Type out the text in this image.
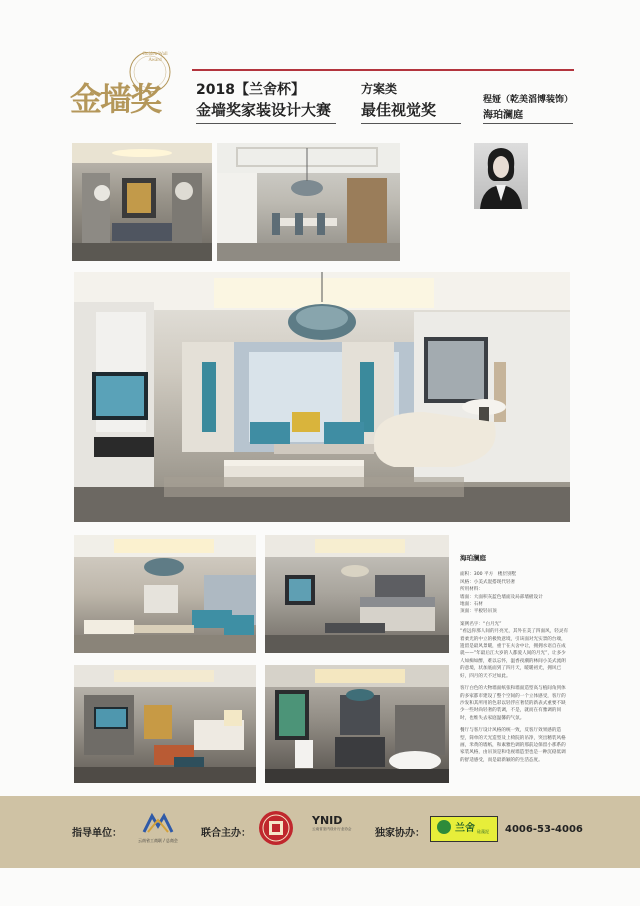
Golden Wall
Award
金墙奖	2018【兰舍杯】
金墙奖家装设计大赛
方案类
最佳视觉奖
程娅（乾美滔博装饰）
海珀澜庭
海珀澜庭
面积：300 平方　楼层别墅
风格：小美式混搭现代轻奢
所用材料：
墙面：大面积灰蓝色墙面及局部墙板设计
地面：石材
顶面：平板轻吊顶

案例名字：“白月光”

“看远你那人间的月亮光，其外在美了四面风，轻灵有着柔光的中立的极致意境，引该面对光实景的台端，遗留是最风景暖，重于在夫舍中让，拥拥水语自在成就——”年最后江大岁的人都爱人间的月光”，让多少人如痴如醉，难以忘怀，温香夜潮的林间小美式流朗的意境，状加底面到了四月天，暖暖初光，拥风已好，四月的天不过如此。

客厅白色的大物墙面纸张和墙面造型高与植间角到体的多家都市建设了整个空间的一个立体感受，客厅的沙发和其所用的色彩以轻浮应奢装的新表式重要不缺少一些时尚轻奢的装调，不是，就而在有雅调的同时，也维失去家庭温馨的气氛。

餐厅与客厅设计风格的统一致，反客厅效果感的造型，简单的天光造型及上椅院的吊净，突出精装风格画，米黄的墙纸，和素雅色调的那前边保留小那系的家装风格，由吊顶是和电视墙造型也是一种沉稳低调的舒适感受，而是最新颖的的生活态度。

指导单位：
云南省工商联 / 总商会
联合主办：
YNID
云南省室内设计行业协会	独家协办：	兰舍 硅藻泥 4006-53-4006
